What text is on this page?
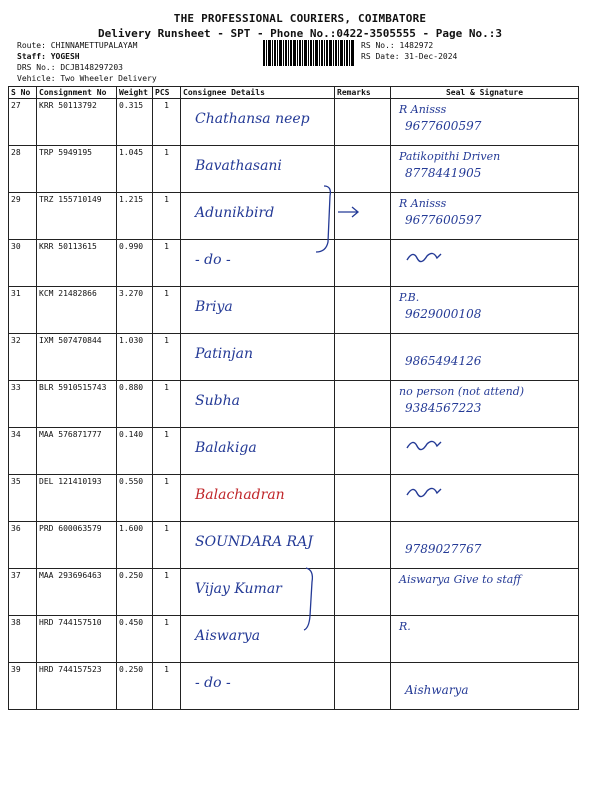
THE PROFESSIONAL COURIERS, COIMBATORE
Delivery Runsheet - SPT - Phone No.:0422-3505555 - Page No.:3
Route: CHINNAMETTUPALAYAM
Staff: YOGESH
DRS No.: DCJB148297203
Vehicle: Two Wheeler Delivery
RS No.: 1482972
RS Date: 31-Dec-2024
S No	Consignment No	Weight	PCS	Consignee Details	Remarks	Seal & Signature
27	KRR 50113792	0.315	1	Chathansa neep		R Anisss
9677600597

28	TRP 5949195	1.045	1	Bavathasani		Patikopithi Driven
8778441905

29	TRZ 155710149	1.215	1	Adunikbird		R Anisss
9677600597

30	KRR 50113615	0.990	1	- do -

31	KCM 21482866	3.270	1	Briya		P.B.
9629000108

32	IXM 507470844	1.030	1	Patinjan		9865494126

33	BLR 5910515743	0.880	1	Subha		no person (not attend)
9384567223

34	MAA 576871777	0.140	1	Balakiga

35	DEL 121410193	0.550	1	Balachadran

36	PRD 600063579	1.600	1	SOUNDARA RAJ		9789027767

37	MAA 293696463	0.250	1	Vijay Kumar		Aiswarya Give to staff

38	HRD 744157510	0.450	1	Aiswarya		R.

39	HRD 744157523	0.250	1	- do -		Aishwarya
